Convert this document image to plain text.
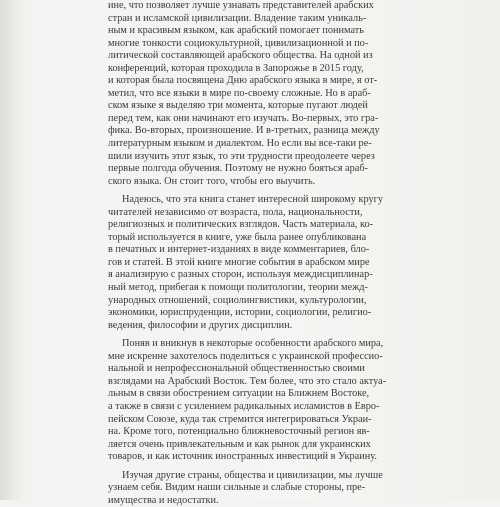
ине, что позволяет лучше узнавать представителей арабских
стран и исламской цивилизации. Владение таким уникаль-
ным и красивым языком, как арабский помогает понимать
многие тонкости социокультурной, цивилизационной и по-
литической составляющей арабского общества. На одной из
конференций, которая проходила в Запорожье в 2015 году,
и которая была посвящена Дню арабского языка в мире, я от-
метил, что все языки в мире по-своему сложные. Но в араб-
ском языке я выделяю три момента, которые пугают людей
перед тем, как они начинают его изучать. Во-первых, это гра-
фика. Во-вторых, произношение. И в-третьих, разница между
литературным языком и диалектом. Но если вы все-таки ре-
шили изучить этот язык, то эти трудности преодолеете через
первые полгода обучения. Поэтому не нужно бояться араб-
ского языка. Он стоит того, чтобы его выучить.
Надеюсь, что эта книга станет интересной широкому кругу
читателей независимо от возраста, пола, национальности,
религиозных и политических взглядов. Часть материала, ко-
торый используется в книге, уже была ранее опубликована
в печатных и интернет-изданиях в виде комментариев, бло-
гов и статей. В этой книге многие события в арабском мире
я анализирую с разных сторон, используя междисциплинар-
ный метод, прибегая к помощи политологии, теории межд-
ународных отношений, социолингвистики, культурологии,
экономики, юриспруденции, истории, социологии, религио-
ведения, философии и других дисциплин.
Поняв и вникнув в некоторые особенности арабского мира,
мне искренне захотелось поделиться с украинской профессио-
нальной и непрофессиональной общественностью своими
взглядами на Арабский Восток. Тем более, что это стало актуа-
льным в связи обострением ситуации на Ближнем Востоке,
а также в связи с усилением радикальных исламистов в Евро-
пейском Союзе, куда так стремится интегрироваться Украи-
на. Кроме того, потенциально ближневосточный регион яв-
ляется очень привлекательным и как рынок для украинских
товаров, и как источник иностранных инвестиций в Украину.
Изучая другие страны, общества и цивилизации, мы лучше
узнаем себя. Видим наши сильные и слабые стороны, пре-
имущества и недостатки.
